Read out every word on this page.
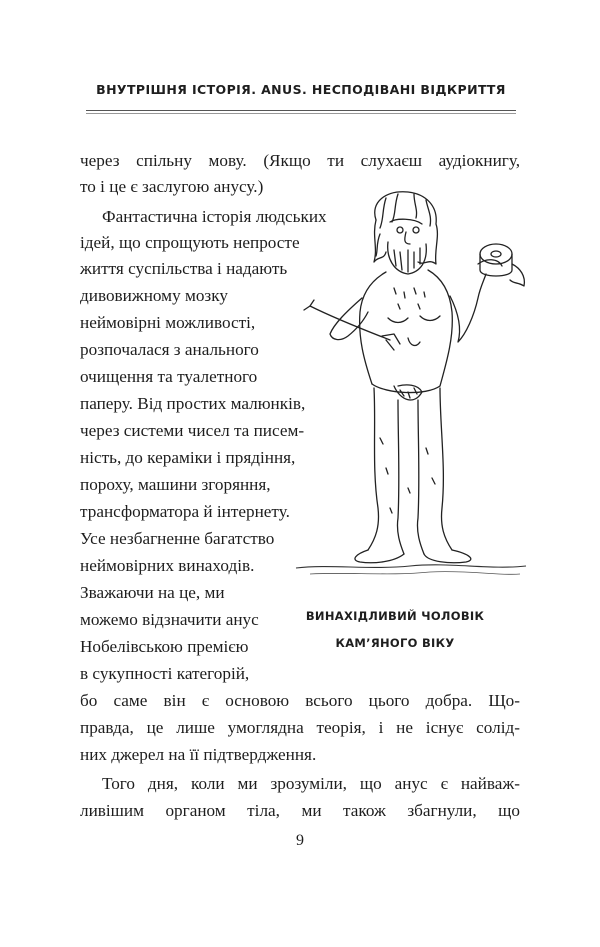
ВНУТРІШНЯ ІСТОРІЯ. ANUS. НЕСПОДІВАНІ ВІДКРИТТЯ
через спільну мову. (Якщо ти слухаєш аудіокнигу,
то і це є заслугою анусу.)
Фантастична історія людських
ідей, що спрощують непросте
життя суспільства і надають
дивовижному мозку
неймовірні можливості,
розпочалася з анального
очищення та туалетного
паперу. Від простих малюнків,
через системи чисел та писем-
ність, до кераміки і прядіння,
пороху, машини згоряння,
трансформатора й інтернету.
Усе незбагненне багатство
неймовірних винаходів.
Зважаючи на це, ми
можемо відзначити анус
Нобелівською премією
в сукупності категорій,
бо саме він є основою всього цього добра. Що-
правда, це лише умоглядна теорія, і не існує солід-
них джерел на її підтвердження.
Того дня, коли ми зрозуміли, що анус є найваж-
ливішим органом тіла, ми також збагнули, що
ВИНАХІДЛИВИЙ ЧОЛОВІК
КАМ’ЯНОГО ВІКУ
9
